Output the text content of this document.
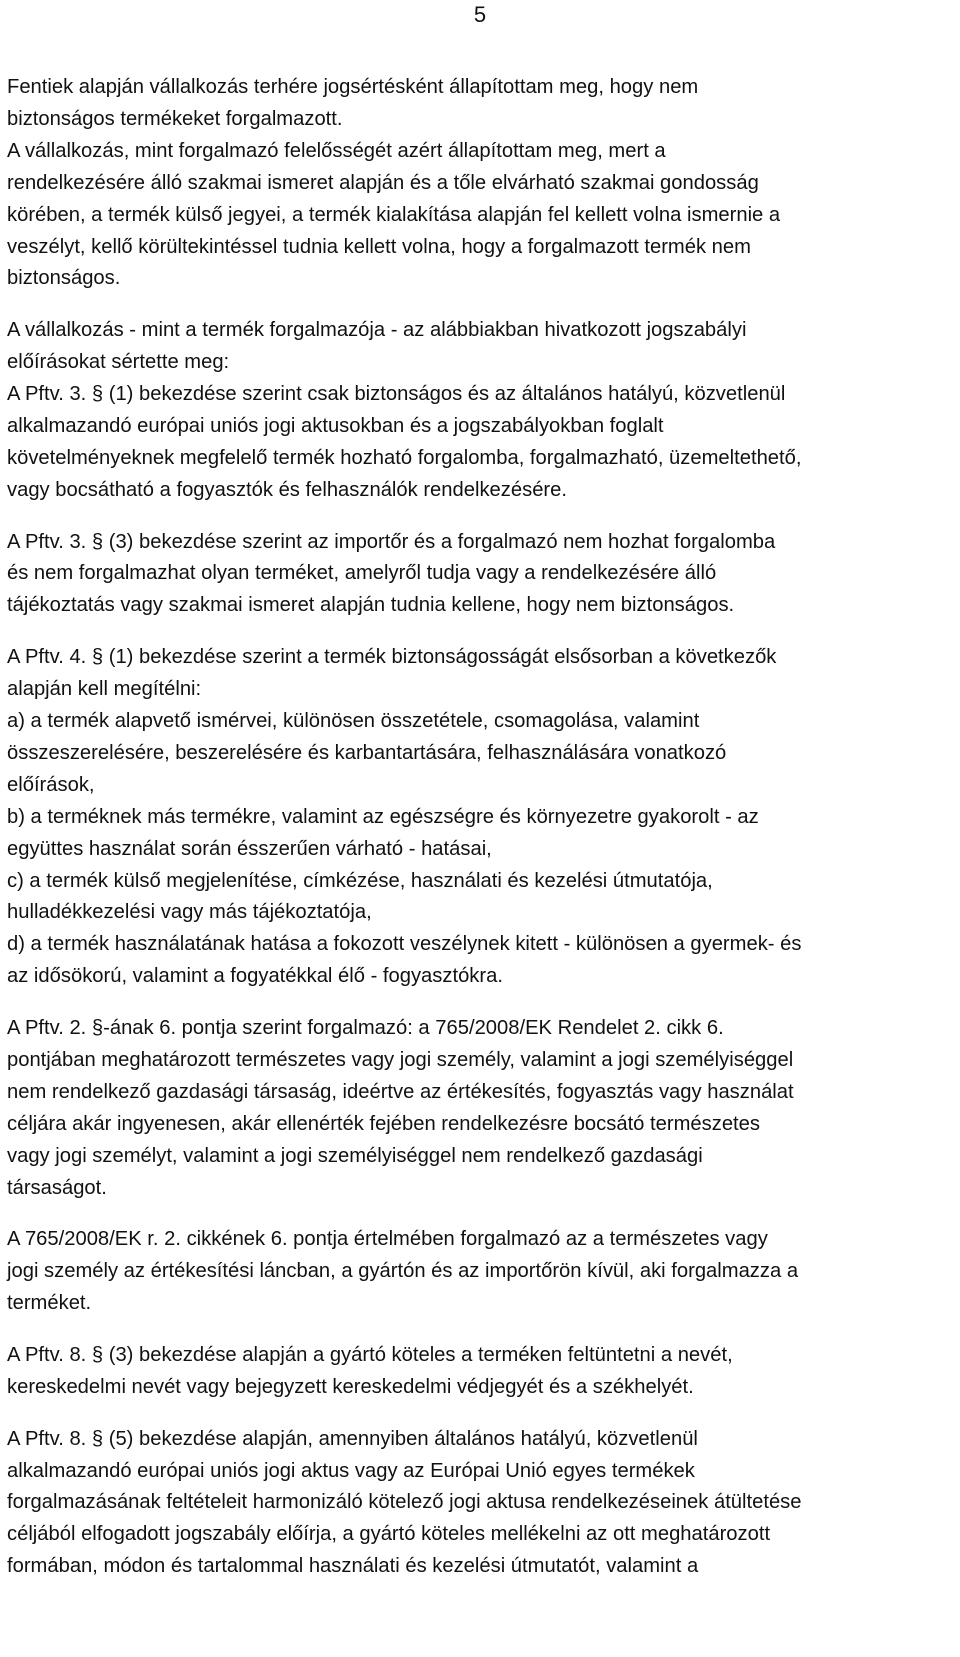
5
Fentiek alapján vállalkozás terhére jogsértésként állapítottam meg, hogy nem
biztonságos termékeket forgalmazott.
A vállalkozás, mint forgalmazó felelősségét azért állapítottam meg, mert a
rendelkezésére álló szakmai ismeret alapján és a tőle elvárható szakmai gondosság
körében, a termék külső jegyei, a termék kialakítása alapján fel kellett volna ismernie a
veszélyt, kellő körültekintéssel tudnia kellett volna, hogy a forgalmazott termék nem
biztonságos.
A vállalkozás - mint a termék forgalmazója - az alábbiakban hivatkozott jogszabályi
előírásokat sértette meg:
A Pftv. 3. § (1) bekezdése szerint csak biztonságos és az általános hatályú, közvetlenül
alkalmazandó európai uniós jogi aktusokban és a jogszabályokban foglalt
követelményeknek megfelelő termék hozható forgalomba, forgalmazható, üzemeltethető,
vagy bocsátható a fogyasztók és felhasználók rendelkezésére.
A Pftv. 3. § (3) bekezdése szerint az importőr és a forgalmazó nem hozhat forgalomba
és nem forgalmazhat olyan terméket, amelyről tudja vagy a rendelkezésére álló
tájékoztatás vagy szakmai ismeret alapján tudnia kellene, hogy nem biztonságos.
A Pftv. 4. § (1) bekezdése szerint a termék biztonságosságát elsősorban a következők
alapján kell megítélni:
a) a termék alapvető ismérvei, különösen összetétele, csomagolása, valamint
összeszerelésére, beszerelésére és karbantartására, felhasználására vonatkozó
előírások,
b) a terméknek más termékre, valamint az egészségre és környezetre gyakorolt - az
együttes használat során ésszerűen várható - hatásai,
c) a termék külső megjelenítése, címkézése, használati és kezelési útmutatója,
hulladékkezelési vagy más tájékoztatója,
d) a termék használatának hatása a fokozott veszélynek kitett - különösen a gyermek- és
az idősökorú, valamint a fogyatékkal élő - fogyasztókra.
A Pftv. 2. §-ának 6. pontja szerint forgalmazó: a 765/2008/EK Rendelet 2. cikk 6.
pontjában meghatározott természetes vagy jogi személy, valamint a jogi személyiséggel
nem rendelkező gazdasági társaság, ideértve az értékesítés, fogyasztás vagy használat
céljára akár ingyenesen, akár ellenérték fejében rendelkezésre bocsátó természetes
vagy jogi személyt, valamint a jogi személyiséggel nem rendelkező gazdasági
társaságot.
A 765/2008/EK r. 2. cikkének 6. pontja értelmében forgalmazó az a természetes vagy
jogi személy az értékesítési láncban, a gyártón és az importőrön kívül, aki forgalmazza a
terméket.
A Pftv. 8. § (3) bekezdése alapján a gyártó köteles a terméken feltüntetni a nevét,
kereskedelmi nevét vagy bejegyzett kereskedelmi védjegyét és a székhelyét.
A Pftv. 8. § (5) bekezdése alapján, amennyiben általános hatályú, közvetlenül
alkalmazandó európai uniós jogi aktus vagy az Európai Unió egyes termékek
forgalmazásának feltételeit harmonizáló kötelező jogi aktusa rendelkezéseinek átültetése
céljából elfogadott jogszabály előírja, a gyártó köteles mellékelni az ott meghatározott
formában, módon és tartalommal használati és kezelési útmutatót, valamint a
